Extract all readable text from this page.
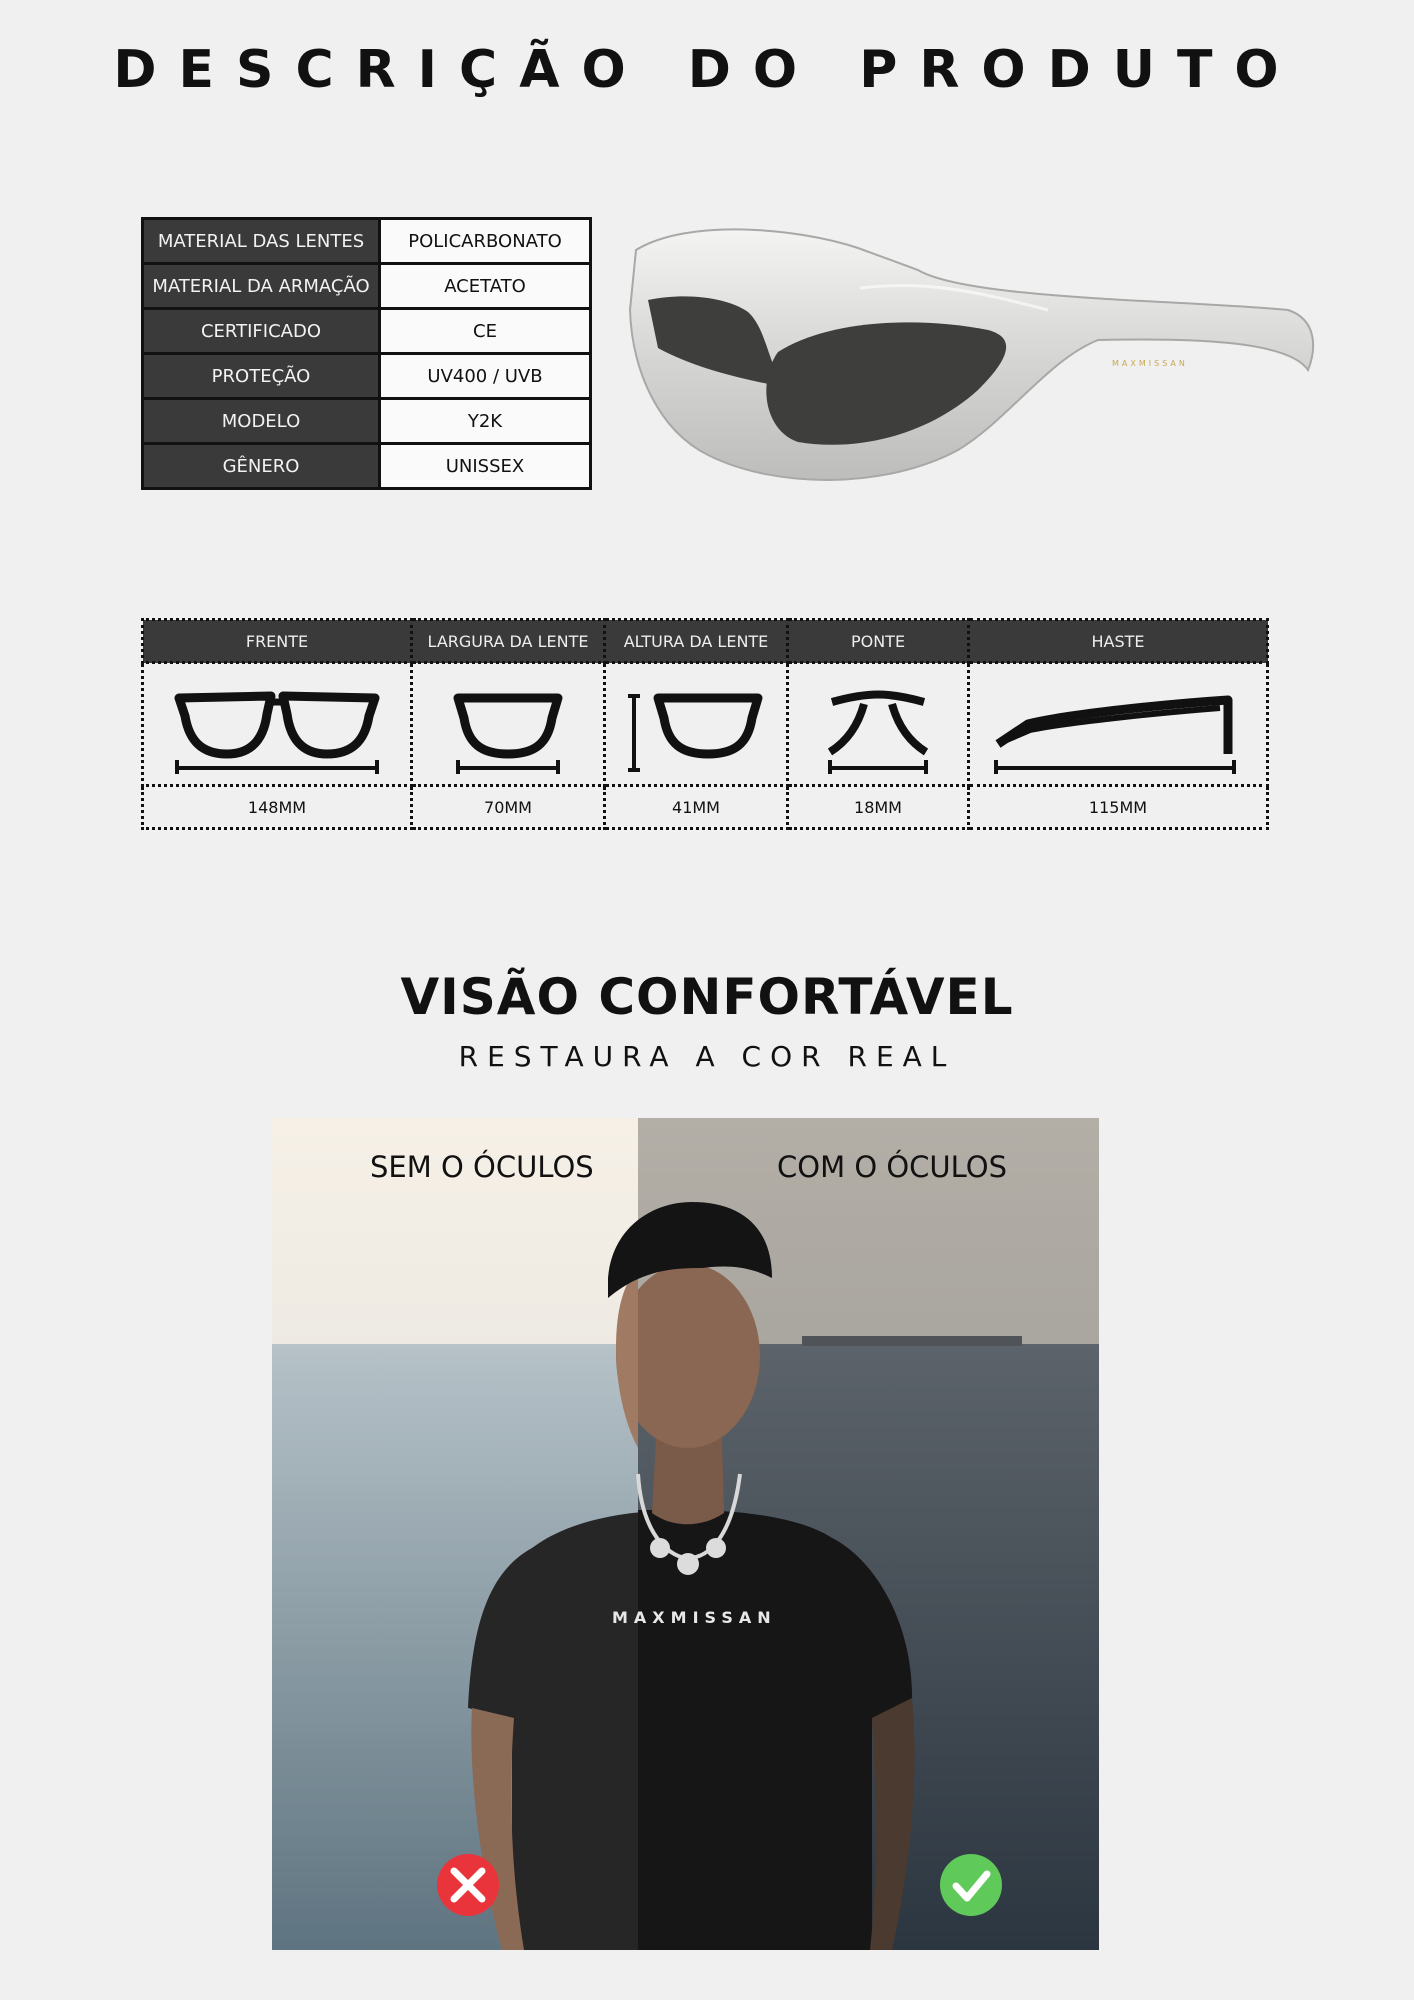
DESCRIÇÃO DO PRODUTO
MATERIAL DAS LENTES	POLICARBONATO
MATERIAL DA ARMAÇÃO	ACETATO
CERTIFICADO	CE
PROTEÇÃO	UV400 / UVB
MODELO	Y2K
GÊNERO	UNISSEX
MAXMISSAN
FRENTE	LARGURA DA LENTE	ALTURA DA LENTE	PONTE	HASTE

148MM	70MM	41MM	18MM	115MM
VISÃO CONFORTÁVEL
RESTAURA A COR REAL
MAXMISSAN
SEM O ÓCULOS	COM O ÓCULOS
